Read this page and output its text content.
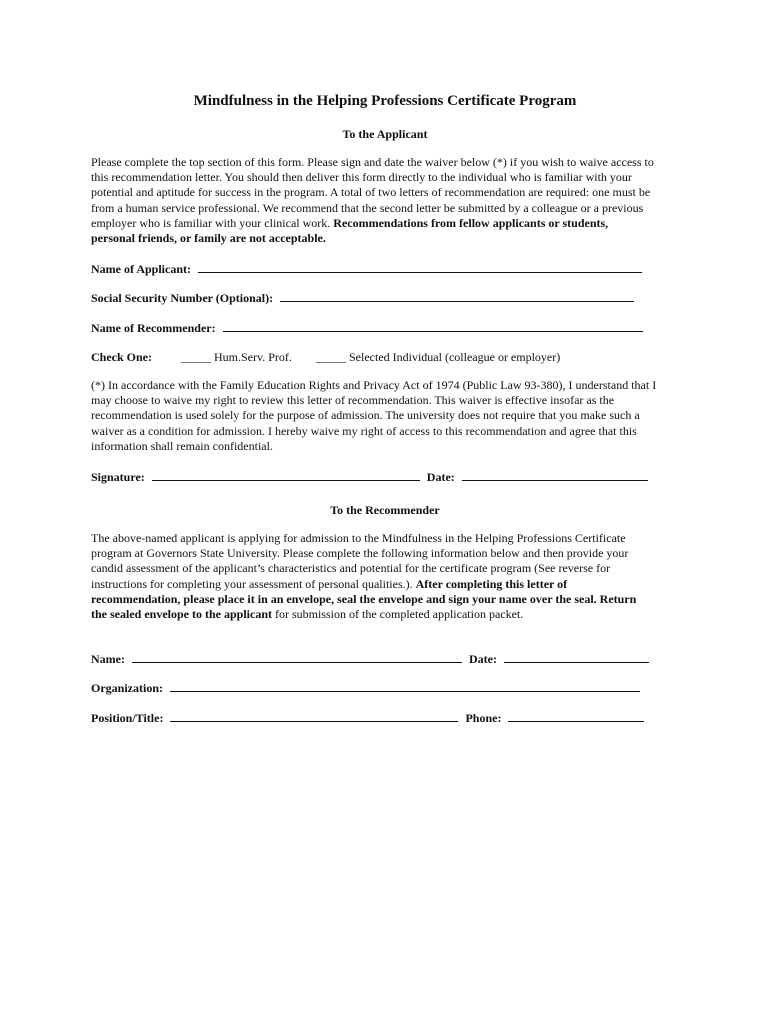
Mindfulness in the Helping Professions Certificate Program
To the Applicant
Please complete the top section of this form. Please sign and date the waiver below (*) if you wish to waive access to
this recommendation letter. You should then deliver this form directly to the individual who is familiar with your
potential and aptitude for success in the program. A total of two letters of recommendation are required: one must be
from a human service professional. We recommend that the second letter be submitted by a colleague or a previous
employer who is familiar with your clinical work. Recommendations from fellow applicants or students,
personal friends, or family are not acceptable.
Name of Applicant:
Social Security Number (Optional):
Name of Recommender:
Check One: _____ Hum.Serv. Prof. _____ Selected Individual (colleague or employer)
(*) In accordance with the Family Education Rights and Privacy Act of 1974 (Public Law 93-380), I understand that I
may choose to waive my right to review this letter of recommendation. This waiver is effective insofar as the
recommendation is used solely for the purpose of admission. The university does not require that you make such a
waiver as a condition for admission. I hereby waive my right of access to this recommendation and agree that this
information shall remain confidential.
Signature:	Date:
To the Recommender
The above-named applicant is applying for admission to the Mindfulness in the Helping Professions Certificate
program at Governors State University. Please complete the following information below and then provide your
candid assessment of the applicant’s characteristics and potential for the certificate program (See reverse for
instructions for completing your assessment of personal qualities.). After completing this letter of
recommendation, please place it in an envelope, seal the envelope and sign your name over the seal. Return
the sealed envelope to the applicant for submission of the completed application packet.
Name:	Date:
Organization:
Position/Title:	Phone:
